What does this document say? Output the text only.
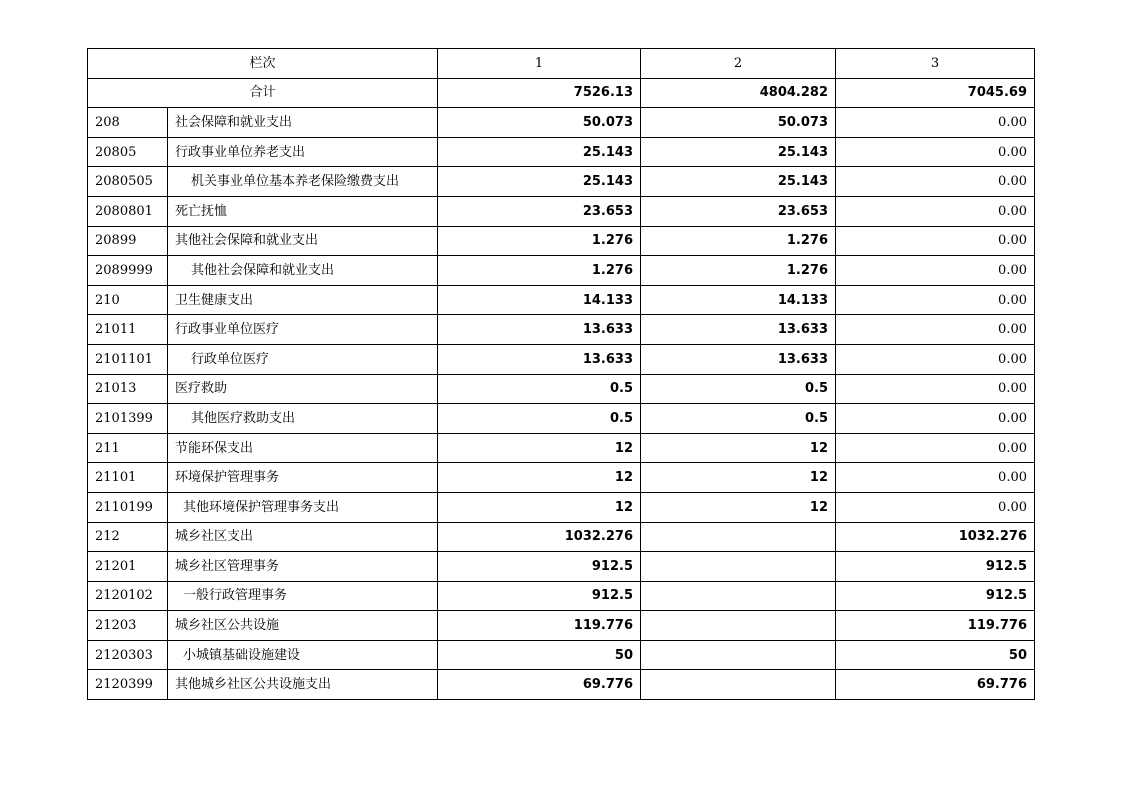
栏次		1	2	3
合计		7526.13	4804.282	7045.69
208	社会保障和就业支出	50.073	50.073	0.00
20805	行政事业单位养老支出	25.143	25.143	0.00
2080505	机关事业单位基本养老保险缴费支出	25.143	25.143	0.00
2080801	死亡抚恤	23.653	23.653	0.00
20899	其他社会保障和就业支出	1.276	1.276	0.00
2089999	其他社会保障和就业支出	1.276	1.276	0.00
210	卫生健康支出	14.133	14.133	0.00
21011	行政事业单位医疗	13.633	13.633	0.00
2101101	行政单位医疗	13.633	13.633	0.00
21013	医疗救助	0.5	0.5	0.00
2101399	其他医疗救助支出	0.5	0.5	0.00
211	节能环保支出	12	12	0.00
21101	环境保护管理事务	12	12	0.00
2110199	其他环境保护管理事务支出	12	12	0.00
212	城乡社区支出	1032.276		1032.276
21201	城乡社区管理事务	912.5		912.5
2120102	一般行政管理事务	912.5		912.5
21203	城乡社区公共设施	119.776		119.776
2120303	小城镇基础设施建设	50		50
2120399	其他城乡社区公共设施支出	69.776		69.776
